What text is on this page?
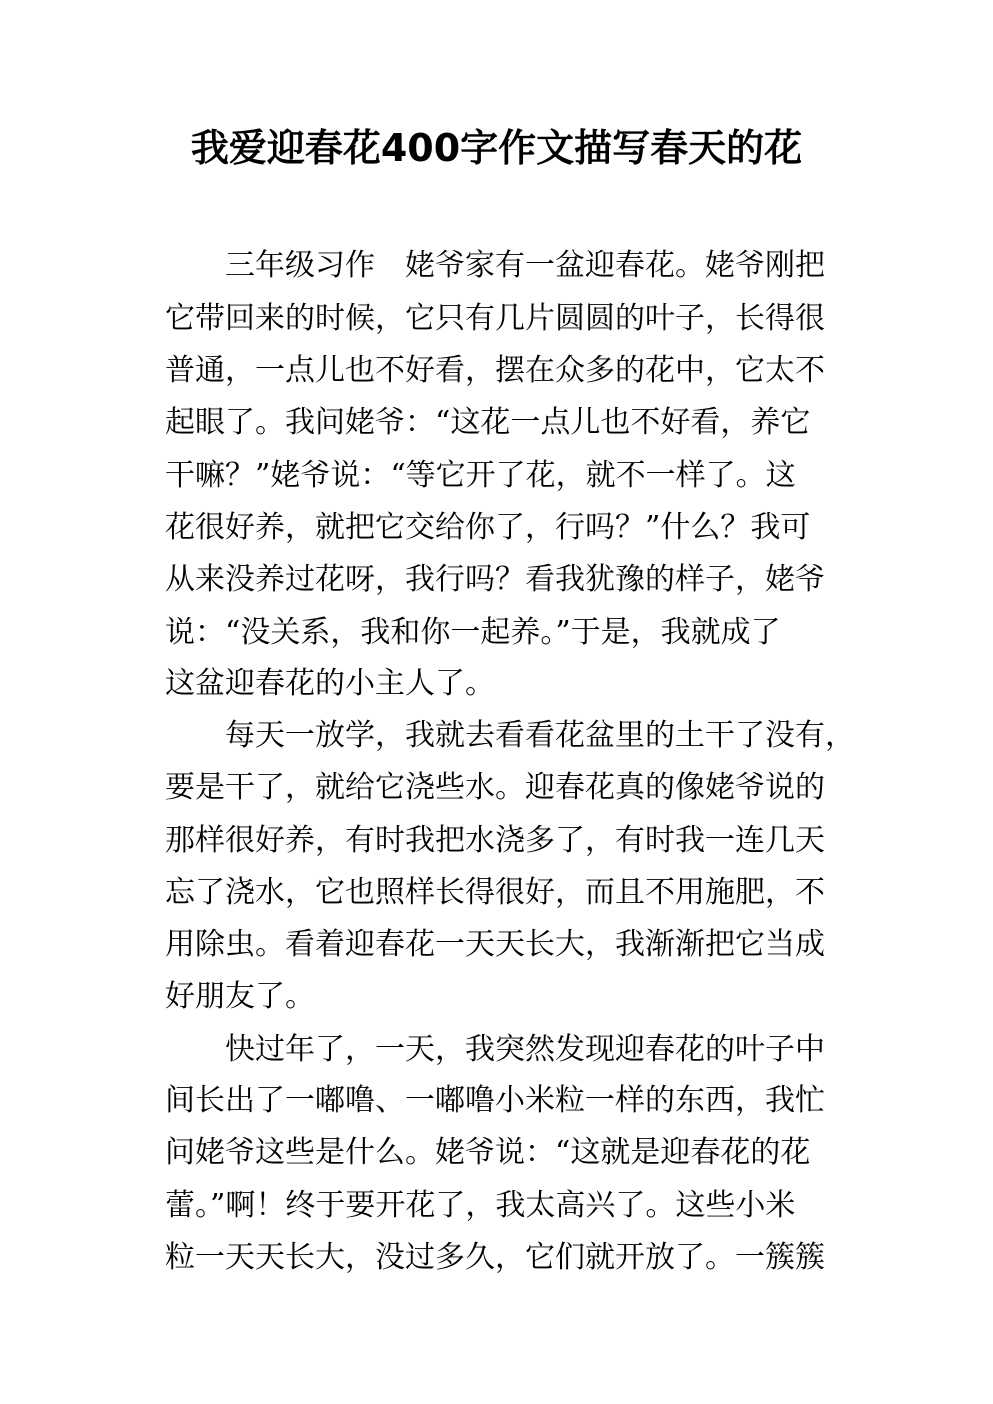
我爱迎春花400字作文描写春天的花

　　三年级习作　姥爷家有一盆迎春花。姥爷刚把

它带回来的时候，它只有几片圆圆的叶子，长得很

普通，一点儿也不好看，摆在众多的花中，它太不

起眼了。我问姥爷：“这花一点儿也不好看，养它

干嘛？”姥爷说：“等它开了花，就不一样了。这

花很好养，就把它交给你了，行吗？”什么？我可

从来没养过花呀，我行吗？看我犹豫的样子，姥爷

说：“没关系，我和你一起养。”于是，我就成了

这盆迎春花的小主人了。

　　每天一放学，我就去看看花盆里的土干了没有，

要是干了，就给它浇些水。迎春花真的像姥爷说的

那样很好养，有时我把水浇多了，有时我一连几天

忘了浇水，它也照样长得很好，而且不用施肥，不

用除虫。看着迎春花一天天长大，我渐渐把它当成

好朋友了。

　　快过年了，一天，我突然发现迎春花的叶子中

间长出了一嘟噜、一嘟噜小米粒一样的东西，我忙

问姥爷这些是什么。姥爷说：“这就是迎春花的花

蕾。”啊！终于要开花了，我太高兴了。这些小米

粒一天天长大，没过多久，它们就开放了。一簇簇
